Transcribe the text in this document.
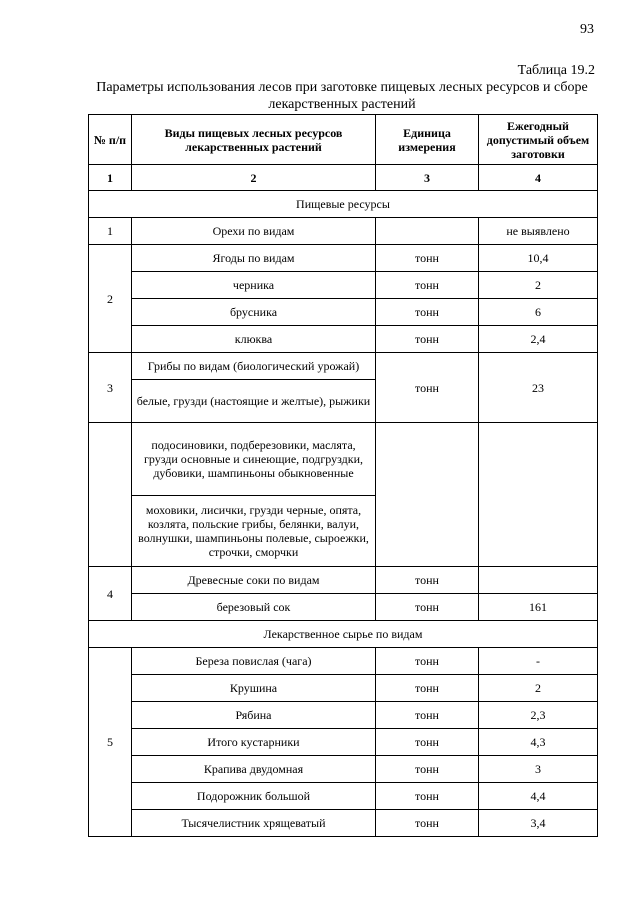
93
Таблица 19.2
Параметры использования лесов при заготовке пищевых лесных ресурсов и сборе лекарственных растений
№ п/п	Виды пищевых лесных ресурсов лекарственных растений	Единица измерения	Ежегодный допустимый объем заготовки
1	2	3	4
Пищевые ресурсы			
1	Орехи по видам		не выявлено
2	Ягоды по видам	тонн	10,4
	черника	тонн	2
	брусника	тонн	6
	клюква	тонн	2,4
3	Грибы по видам (биологический урожай)	тонн	23
	белые, грузди (настоящие и желтые), рыжики		
	подосиновики, подберезовики, маслята, грузди основные и синеющие, подгруздки, дубовики, шампиньоны обыкновенные		
	моховики, лисички, грузди черные, опята, козлята, польские грибы, белянки, валуи, волнушки, шампиньоны полевые, сыроежки, строчки, сморчки		
4	Древесные соки по видам	тонн	
	березовый сок	тонн	161
Лекарственное сырье по видам			
5	Береза повислая (чага)	тонн	-
	Крушина	тонн	2
	Рябина	тонн	2,3
	Итого кустарники	тонн	4,3
	Крапива двудомная	тонн	3
	Подорожник большой	тонн	4,4
	Тысячелистник хрящеватый	тонн	3,4
